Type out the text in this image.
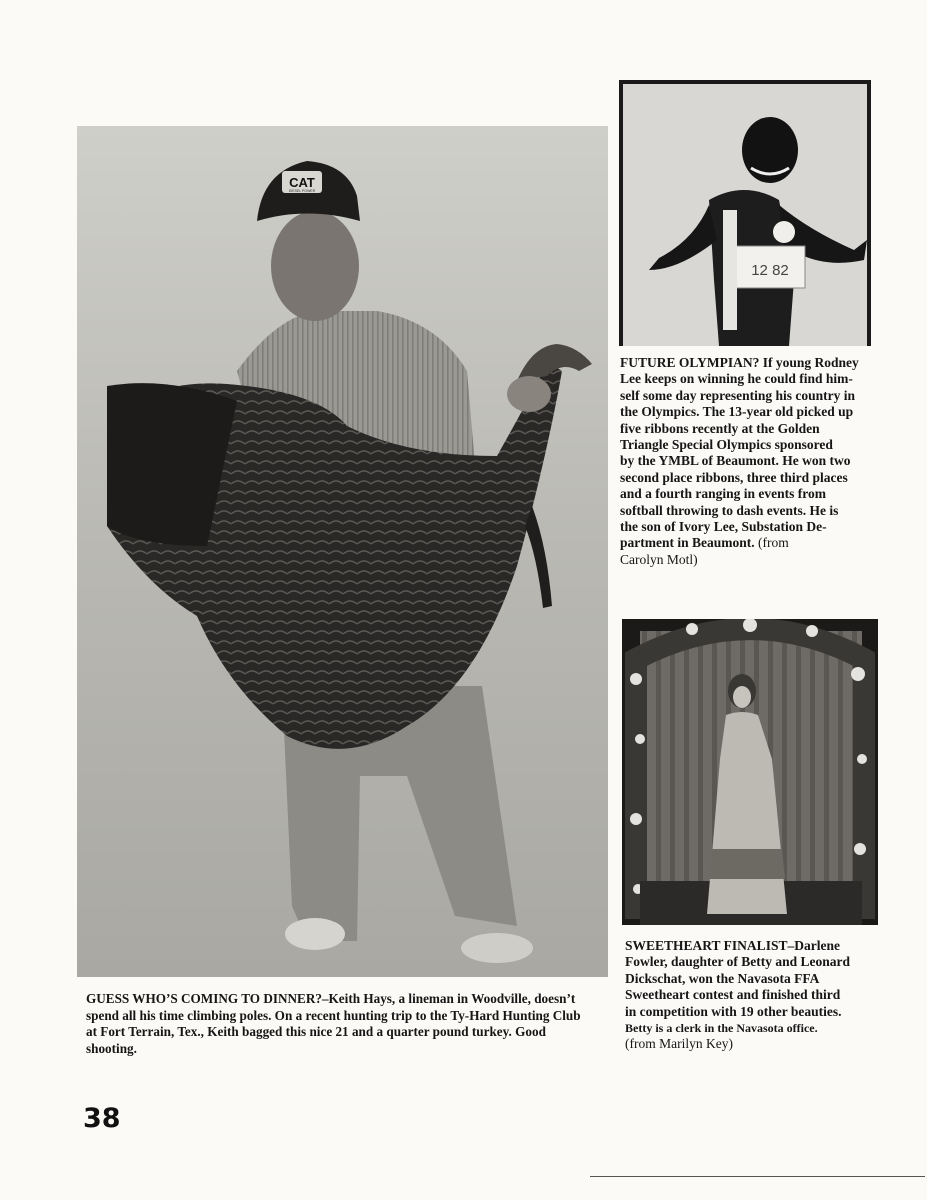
CAT
DIESEL POWER
12 82
GUESS WHO’S COMING TO DINNER?–Keith Hays, a lineman in Woodville, doesn’t
spend all his time climbing poles. On a recent hunting trip to the Ty-Hard Hunting Club
at Fort Terrain, Tex., Keith bagged this nice 21 and a quarter pound turkey. Good
shooting.
FUTURE OLYMPIAN? If young Rodney
Lee keeps on winning he could find him-
self some day representing his country in
the Olympics. The 13-year old picked up
five ribbons recently at the Golden
Triangle Special Olympics sponsored
by the YMBL of Beaumont. He won two
second place ribbons, three third places
and a fourth ranging in events from
softball throwing to dash events. He is
the son of Ivory Lee, Substation De-
partment in Beaumont. (from
Carolyn Motl)
SWEETHEART FINALIST–Darlene
Fowler, daughter of Betty and Leonard
Dickschat, won the Navasota FFA
Sweetheart contest and finished third
in competition with 19 other beauties.
Betty is a clerk in the Navasota office.
(from Marilyn Key)
38
